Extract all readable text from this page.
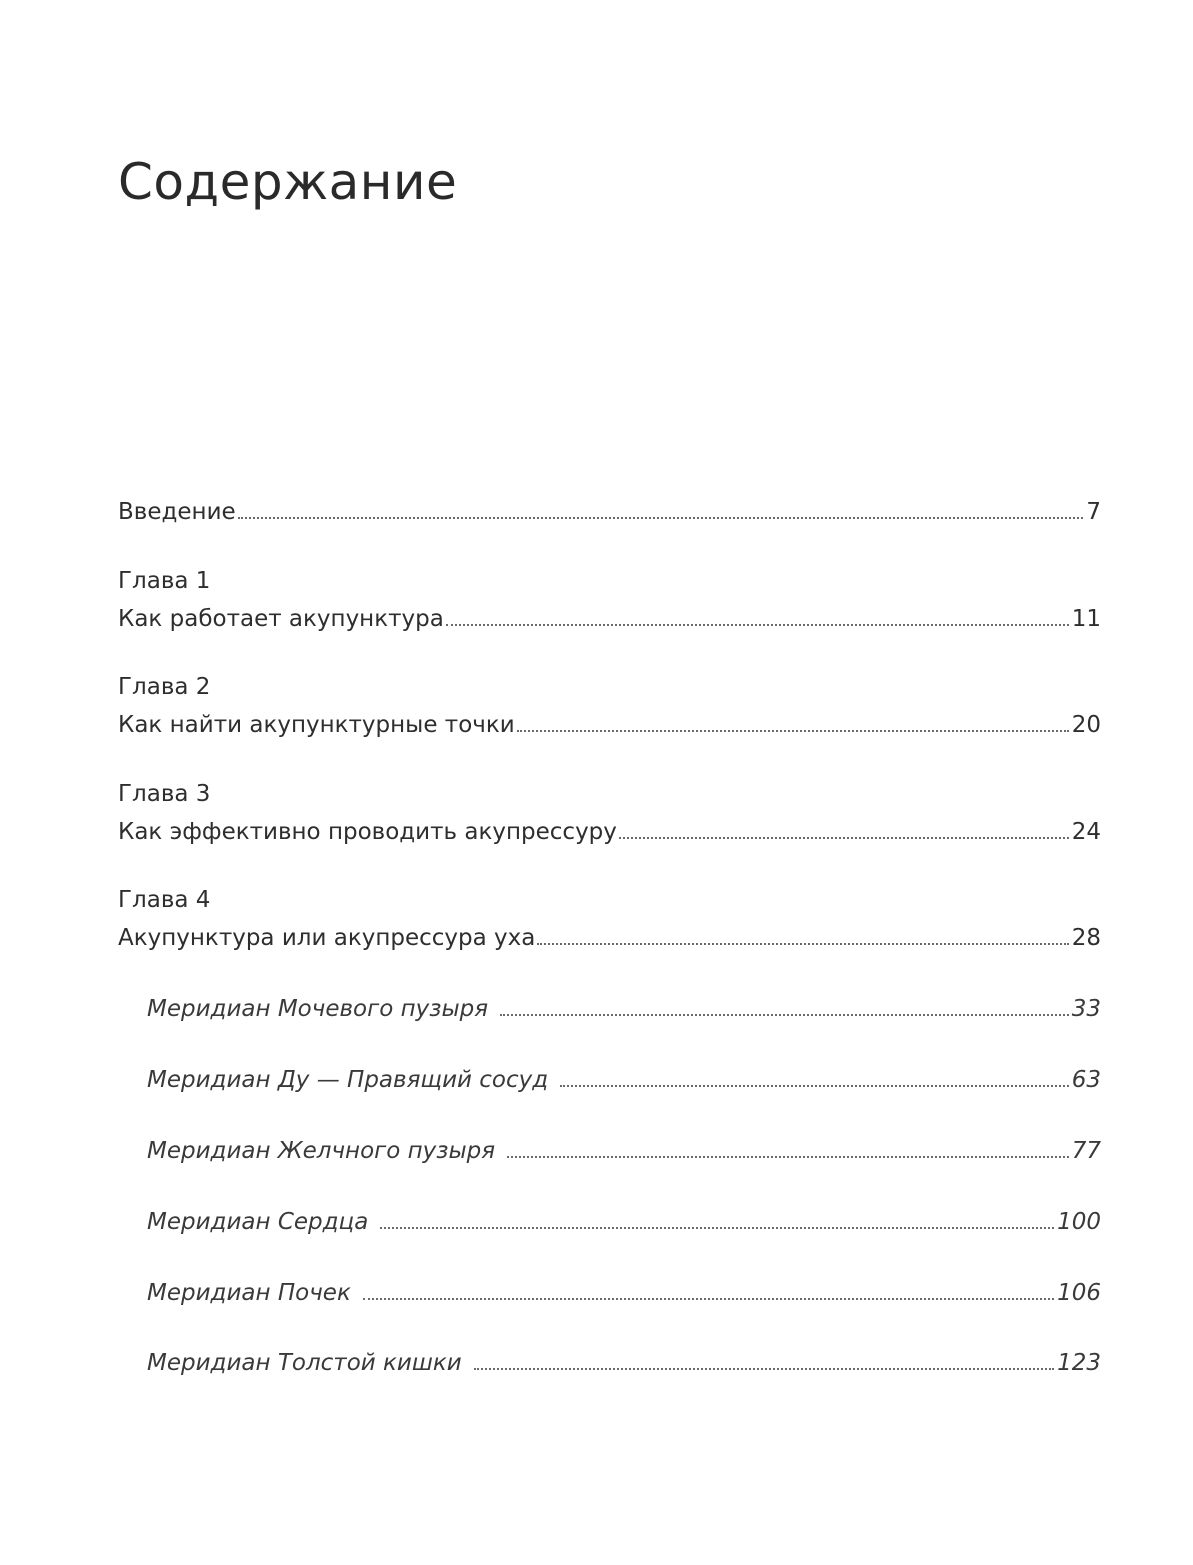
Содержание
Введение	7
Глава 1
Как работает акупунктура	11
Глава 2
Как найти акупунктурные точки	20
Глава 3
Как эффективно проводить акупрессуру	24
Глава 4
Акупунктура или акупрессура уха	28
Меридиан Мочевого пузыря	33
Меридиан Ду — Правящий сосуд	63
Меридиан Желчного пузыря	77
Меридиан Сердца	100
Меридиан Почек	106
Меридиан Толстой кишки	123
